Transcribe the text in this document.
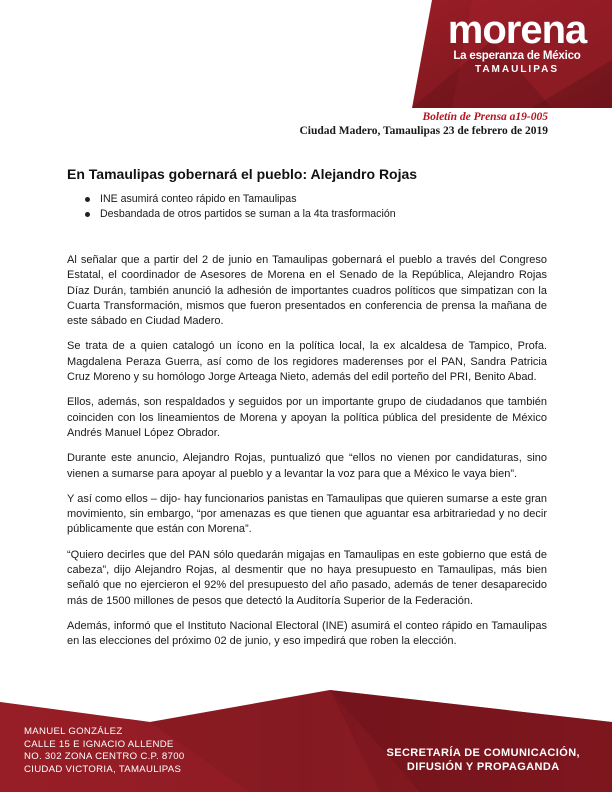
morena
La esperanza de México
TAMAULIPAS
Boletín de Prensa a19-005
Ciudad Madero, Tamaulipas 23 de febrero de 2019
En Tamaulipas gobernará el pueblo: Alejandro Rojas
INE asumirá conteo rápido en Tamaulipas
Desbandada de otros partidos se suman a la 4ta trasformación

Al señalar que a partir del 2 de junio en Tamaulipas gobernará el pueblo a través del Congreso Estatal, el coordinador de Asesores de Morena en el Senado de la República, Alejandro Rojas Díaz Durán, también anunció la adhesión de importantes cuadros políticos que simpatizan con la Cuarta Transformación, mismos que fueron presentados en conferencia de prensa la mañana de este sábado en Ciudad Madero.

Se trata de a quien catalogó un ícono en la política local, la ex alcaldesa de Tampico, Profa. Magdalena Peraza Guerra, así como de los regidores maderenses por el PAN, Sandra Patricia Cruz Moreno y su homólogo Jorge Arteaga Nieto, además del edil porteño del PRI, Benito Abad.

Ellos, además, son respaldados y seguidos por un importante grupo de ciudadanos que también coinciden con los lineamientos de Morena y apoyan la política pública del presidente de México Andrés Manuel López Obrador.

Durante este anuncio, Alejandro Rojas, puntualizó que “ellos no vienen por candidaturas, sino vienen a sumarse para apoyar al pueblo y a levantar la voz para que a México le vaya bien”.

Y así como ellos – dijo- hay funcionarios panistas en Tamaulipas que quieren sumarse a este gran movimiento, sin embargo, “por amenazas es que tienen que aguantar esa arbitrariedad y no decir públicamente que están con Morena”.

“Quiero decirles que del PAN sólo quedarán migajas en Tamaulipas en este gobierno que está de cabeza”, dijo Alejandro Rojas, al desmentir que no haya presupuesto en Tamaulipas, más bien señaló que no ejercieron el 92% del presupuesto del año pasado, además de tener desaparecido más de 1500 millones de pesos que detectó la Auditoría Superior de la Federación.

Además, informó que el Instituto Nacional Electoral (INE) asumirá el conteo rápido en Tamaulipas en las elecciones del próximo 02 de junio, y eso impedirá que roben la elección.

MANUEL GONZÁLEZ
CALLE 15 E IGNACIO ALLENDE
NO. 302 ZONA CENTRO C.P. 8700
CIUDAD VICTORIA, TAMAULIPAS
SECRETARÍA DE COMUNICACIÓN,
DIFUSIÓN Y PROPAGANDA
